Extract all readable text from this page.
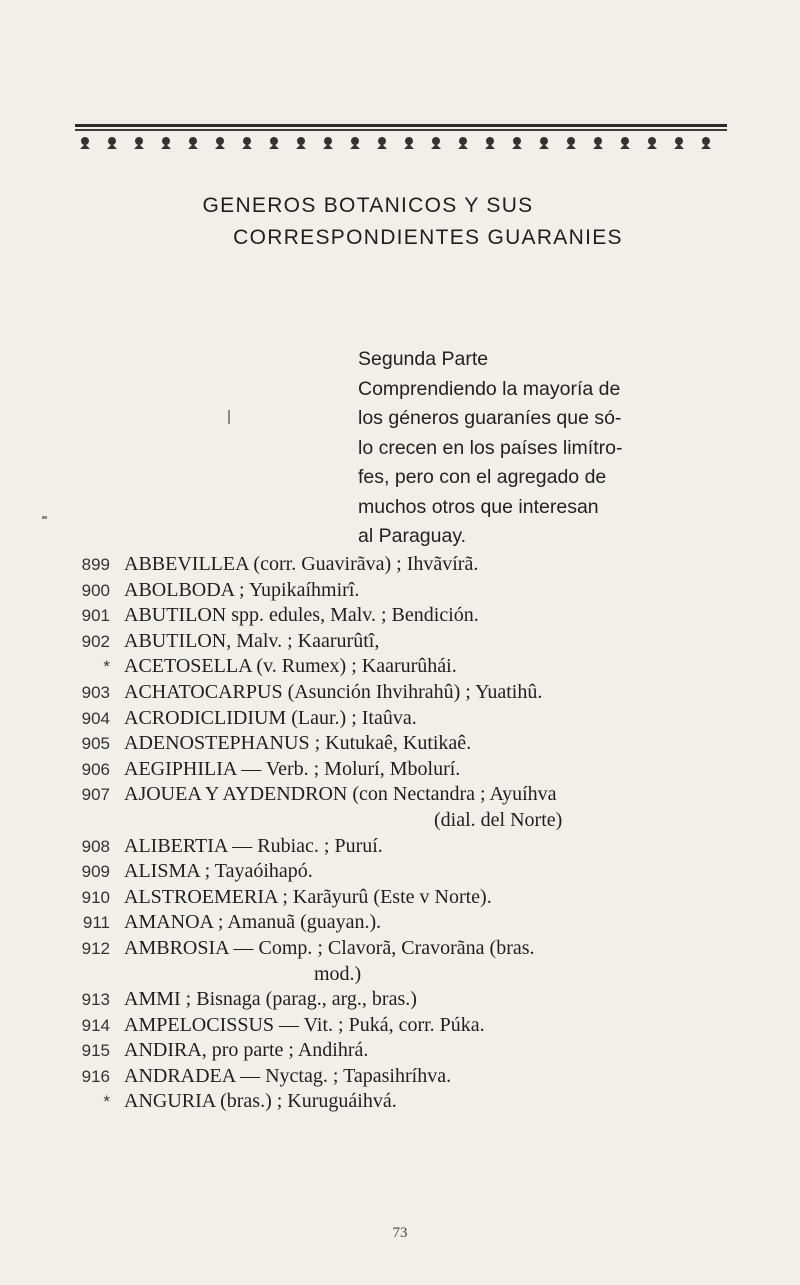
GENEROS BOTANICOS Y SUS
CORRESPONDIENTES GUARANIES
Segunda Parte
Comprendiendo la mayoría de
los géneros guaraníes que só-
lo crecen en los países limítro-
fes, pero con el agregado de
muchos otros que interesan
al Paraguay.
899 ABBEVILLEA (corr. Guavirãva) ; Ihvãvírã.
900 ABOLBODA ; Yupikaíhmirî.
901 ABUTILON spp. edules, Malv. ; Bendición.
902 ABUTILON, Malv. ; Kaarurûtî,
* ACETOSELLA (v. Rumex) ; Kaarurûhái.
903 ACHATOCARPUS (Asunción Ihvihrahû) ; Yuatihû.
904 ACRODICLIDIUM (Laur.) ; Itaûva.
905 ADENOSTEPHANUS ; Kutukaê, Kutikaê.
906 AEGIPHILIA — Verb. ; Molurí, Mbolurí.
907 AJOUEA Y AYDENDRON (con Nectandra ; Ayuíhva
(dial. del Norte)
908 ALIBERTIA — Rubiac. ; Puruí.
909 ALISMA ; Tayaóihapó.
910 ALSTROEMERIA ; Karãyurû (Este v Norte).
911 AMANOA ; Amanuã (guayan.).
912 AMBROSIA — Comp. ; Clavorã, Cravorãna (bras.
mod.)
913 AMMI ; Bisnaga (parag., arg., bras.)
914 AMPELOCISSUS — Vit. ; Puká, corr. Púka.
915 ANDIRA, pro parte ; Andihrá.
916 ANDRADEA — Nyctag. ; Tapasihríhva.
* ANGURIA (bras.) ; Kuruguáihvá.
73
